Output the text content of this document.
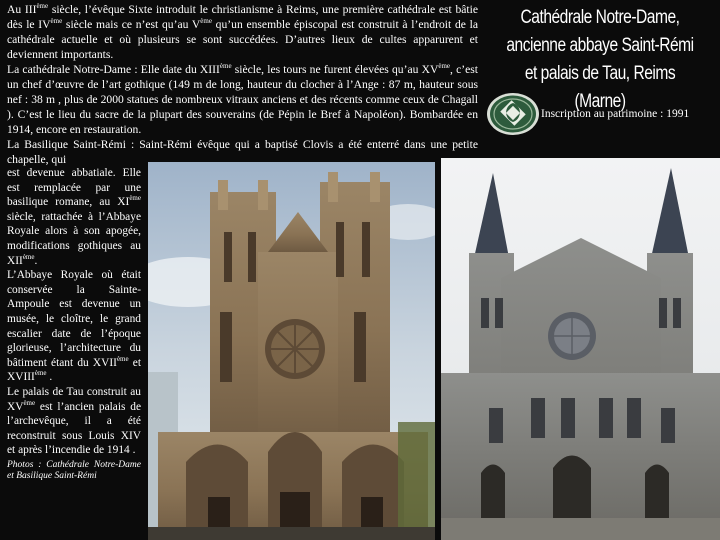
Au IIIème siècle, l’évêque Sixte introduit le christianisme à Reims, une première cathédrale est bâtie dès le IVème siècle mais ce n’est qu’au Vème qu’un ensemble épiscopal est construit à l’endroit de la cathédrale actuelle et où plusieurs se sont succédées. D’autres lieux de cultes apparurent et deviennent importants.

La cathédrale Notre-Dame : Elle date du XIIIème siècle, les tours ne furent élevées qu’au XVème, c’est un chef d’œuvre de l’art gothique (149 m de long, hauteur du clocher à l’Ange : 87 m, hauteur sous nef : 38 m , plus de 2000 statues de nombreux vitraux anciens et des récents comme ceux de Chagall ). C’est le lieu du sacre de la plupart des souverains (de Pépin le Bref à Napoléon). Bombardée en 1914, encore en restauration.

La Basilique Saint-Rémi : Saint-Rémi évêque qui a baptisé Clovis a été enterré dans une petite chapelle, qui

est devenue abbatiale. Elle est remplacée par une basilique romane, au XIème siècle, rattachée à l’Abbaye Royale alors à son apogée, modifications gothiques au XIIème.

L’Abbaye Royale où était conservée la Sainte-Ampoule est devenue un musée, le cloître, le grand escalier date de l’époque glorieuse, l’architecture du bâtiment étant du XVIIème et XVIIIème .

Le palais de Tau construit au XVème est l’ancien palais de l’archevêque, il a été reconstruit sous Louis XIV et après l’incendie de 1914 .

Photos : Cathédrale Notre-Dame et Basilique Saint-Rémi

Cathédrale Notre-Dame, ancienne abbaye Saint-Rémi et palais de Tau, Reims (Marne)
Inscription au patrimoine : 1991
